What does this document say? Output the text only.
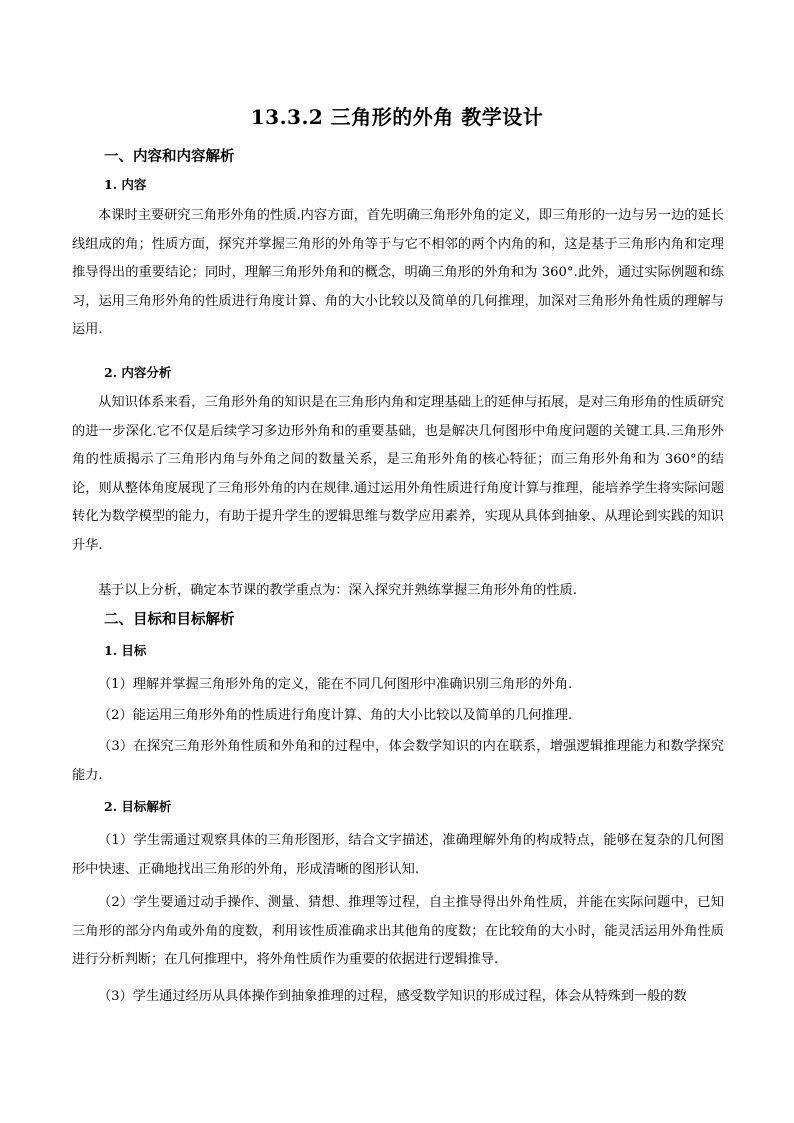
13.3.2 三角形的外角 教学设计
一、内容和内容解析
1. 内容

本课时主要研究三角形外角的性质.内容方面，首先明确三角形外角的定义，即三角形的一边与另一边的延长线组成的角；性质方面，探究并掌握三角形的外角等于与它不相邻的两个内角的和，这是基于三角形内角和定理推导得出的重要结论；同时，理解三角形外角和的概念，明确三角形的外角和为 360°.此外，通过实际例题和练习，运用三角形外角的性质进行角度计算、角的大小比较以及简单的几何推理，加深对三角形外角性质的理解与运用.

2. 内容分析

从知识体系来看，三角形外角的知识是在三角形内角和定理基础上的延伸与拓展，是对三角形角的性质研究的进一步深化.它不仅是后续学习多边形外角和的重要基础，也是解决几何图形中角度问题的关键工具.三角形外角的性质揭示了三角形内角与外角之间的数量关系，是三角形外角的核心特征；而三角形外角和为 360°的结论，则从整体角度展现了三角形外角的内在规律.通过运用外角性质进行角度计算与推理，能培养学生将实际问题转化为数学模型的能力，有助于提升学生的逻辑思维与数学应用素养，实现从具体到抽象、从理论到实践的知识升华.

基于以上分析，确定本节课的教学重点为：深入探究并熟练掌握三角形外角的性质.

二、目标和目标解析
1. 目标

（1）理解并掌握三角形外角的定义，能在不同几何图形中准确识别三角形的外角.

（2）能运用三角形外角的性质进行角度计算、角的大小比较以及简单的几何推理.

（3）在探究三角形外角性质和外角和的过程中，体会数学知识的内在联系，增强逻辑推理能力和数学探究能力.

2. 目标解析

（1）学生需通过观察具体的三角形图形，结合文字描述，准确理解外角的构成特点，能够在复杂的几何图形中快速、正确地找出三角形的外角，形成清晰的图形认知.

（2）学生要通过动手操作、测量、猜想、推理等过程，自主推导得出外角性质，并能在实际问题中，已知三角形的部分内角或外角的度数，利用该性质准确求出其他角的度数；在比较角的大小时，能灵活运用外角性质进行分析判断；在几何推理中，将外角性质作为重要的依据进行逻辑推导.

（3）学生通过经历从具体操作到抽象推理的过程，感受数学知识的形成过程，体会从特殊到一般的数
